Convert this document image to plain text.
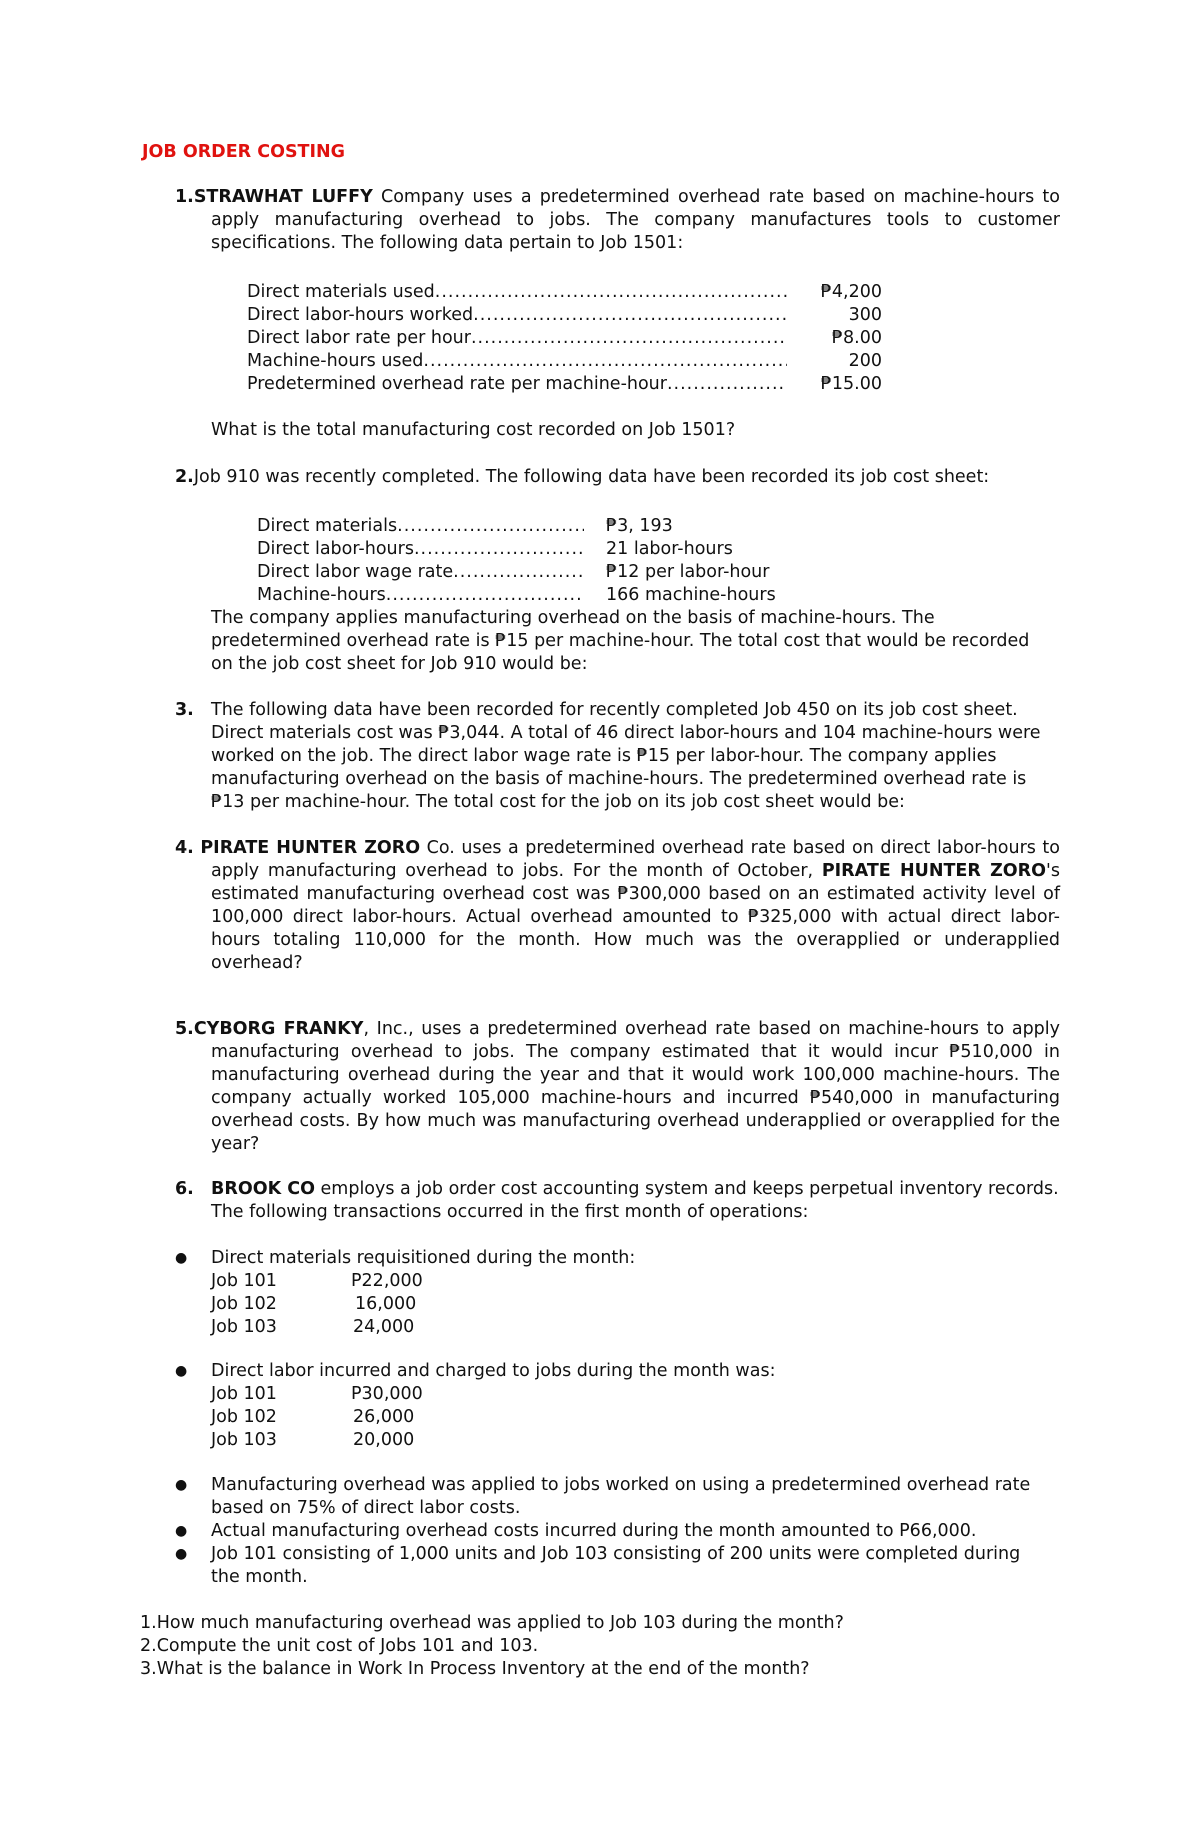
JOB ORDER COSTING
1.STRAWHAT LUFFY Company uses a predetermined overhead rate based on machine-hours to
apply manufacturing overhead to jobs. The company manufactures tools to customer
specifications. The following data pertain to Job 1501:
Direct materials used .....	₱4,200
Direct labor-hours worked .....	300
Direct labor rate per hour .....	₱8.00
Machine-hours used .....	200
Predetermined overhead rate per machine-hour .....	₱15.00
What is the total manufacturing cost recorded on Job 1501?
2.Job 910 was recently completed. The following data have been recorded its job cost sheet:
Direct materials .....	₱3, 193
Direct labor-hours .....	21 labor-hours
Direct labor wage rate .....	₱12 per labor-hour
Machine-hours .....	166 machine-hours
The company applies manufacturing overhead on the basis of machine-hours. The
predetermined overhead rate is ₱15 per machine-hour. The total cost that would be recorded
on the job cost sheet for Job 910 would be:
3. The following data have been recorded for recently completed Job 450 on its job cost sheet.
Direct materials cost was ₱3,044. A total of 46 direct labor-hours and 104 machine-hours were
worked on the job. The direct labor wage rate is ₱15 per labor-hour. The company applies
manufacturing overhead on the basis of machine-hours. The predetermined overhead rate is
₱13 per machine-hour. The total cost for the job on its job cost sheet would be:
4. PIRATE HUNTER ZORO Co. uses a predetermined overhead rate based on direct labor-hours to
apply manufacturing overhead to jobs. For the month of October, PIRATE HUNTER ZORO's
estimated manufacturing overhead cost was ₱300,000 based on an estimated activity level of
100,000 direct labor-hours. Actual overhead amounted to ₱325,000 with actual direct labor-
hours totaling 110,000 for the month. How much was the overapplied or underapplied
overhead?
5.CYBORG FRANKY, Inc., uses a predetermined overhead rate based on machine-hours to apply
manufacturing overhead to jobs. The company estimated that it would incur ₱510,000 in
manufacturing overhead during the year and that it would work 100,000 machine-hours. The
company actually worked 105,000 machine-hours and incurred ₱540,000 in manufacturing
overhead costs. By how much was manufacturing overhead underapplied or overapplied for the
year?
6. BROOK CO employs a job order cost accounting system and keeps perpetual inventory records.
The following transactions occurred in the first month of operations:
● Direct materials requisitioned during the month:
Job 101	P22,000
Job 102	16,000
Job 103	24,000
● Direct labor incurred and charged to jobs during the month was:
Job 101	P30,000
Job 102	26,000
Job 103	20,000
● Manufacturing overhead was applied to jobs worked on using a predetermined overhead rate
based on 75% of direct labor costs.
● Actual manufacturing overhead costs incurred during the month amounted to P66,000.
● Job 101 consisting of 1,000 units and Job 103 consisting of 200 units were completed during
the month.
1.How much manufacturing overhead was applied to Job 103 during the month?
2.Compute the unit cost of Jobs 101 and 103.
3.What is the balance in Work In Process Inventory at the end of the month?
